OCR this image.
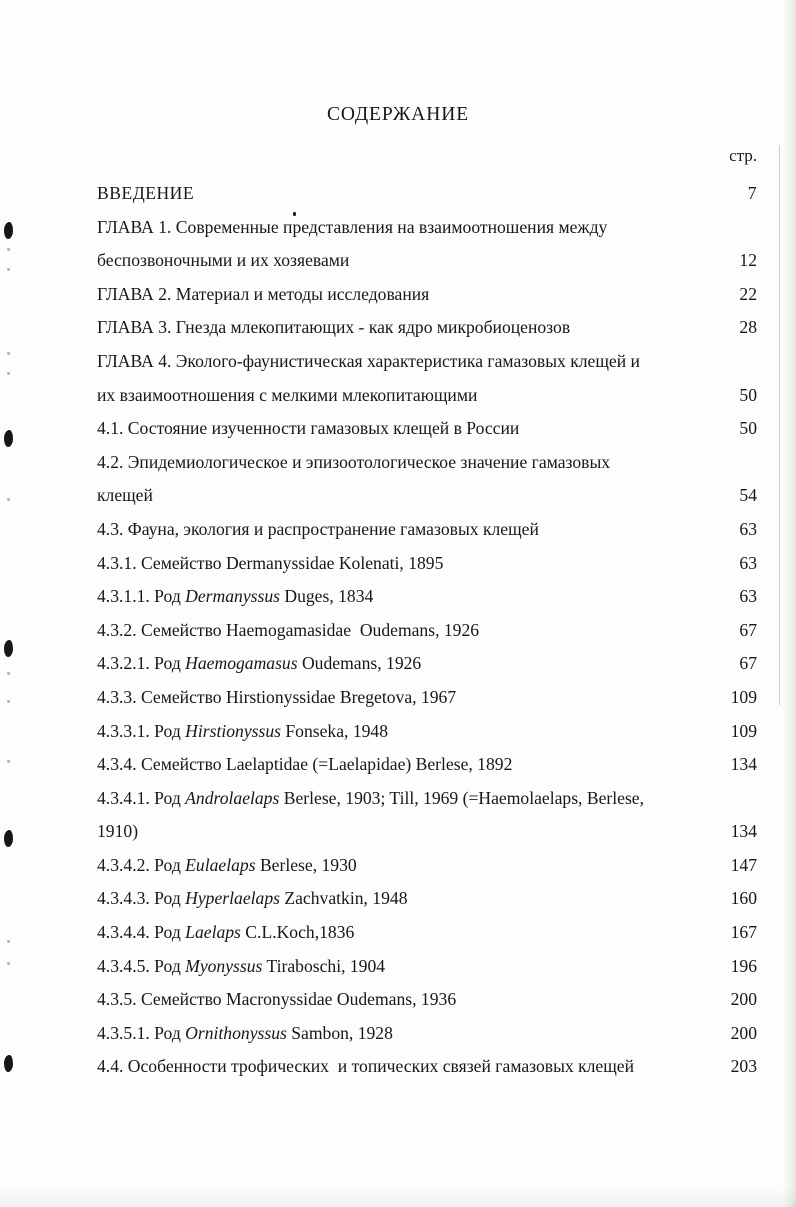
СОДЕРЖАНИЕ
стр.
ВВЕДЕНИЕ	7
ГЛАВА 1. Современные представления на взаимоотношения между
беспозвоночными и их хозяевами	12
ГЛАВА 2. Материал и методы исследования	22
ГЛАВА 3. Гнезда млекопитающих - как ядро микробиоценозов	28
ГЛАВА 4. Эколого-фаунистическая характеристика гамазовых клещей и
их взаимоотношения с мелкими млекопитающими	50
4.1. Состояние изученности гамазовых клещей в России	50
4.2. Эпидемиологическое и эпизоотологическое значение гамазовых
клещей	54
4.3. Фауна, экология и распространение гамазовых клещей	63
4.3.1. Семейство Dermanyssidae Kolenati, 1895	63
4.3.1.1. Род Dermanyssus Duges, 1834	63
4.3.2. Семейство Haemogamasidae  Oudemans, 1926	67
4.3.2.1. Род Haemogamasus Oudemans, 1926	67
4.3.3. Семейство Hirstionyssidae Bregetova, 1967	109
4.3.3.1. Род Hirstionyssus Fonseka, 1948	109
4.3.4. Семейство Laelaptidae (=Laelapidae) Berlese, 1892	134
4.3.4.1. Род Androlaelaps Berlese, 1903; Till, 1969 (=Haemolaelaps, Berlese,
1910)	134
4.3.4.2. Род Eulaelaps Berlese, 1930	147
4.3.4.3. Род Hyperlaelaps Zachvatkin, 1948	160
4.3.4.4. Род Laelaps C.L.Koch,1836	167
4.3.4.5. Род Myonyssus Tiraboschi, 1904	196
4.3.5. Семейство Macronyssidae Oudemans, 1936	200
4.3.5.1. Род Ornithonyssus Sambon, 1928	200
4.4. Особенности трофических  и топических связей гамазовых клещей	203
